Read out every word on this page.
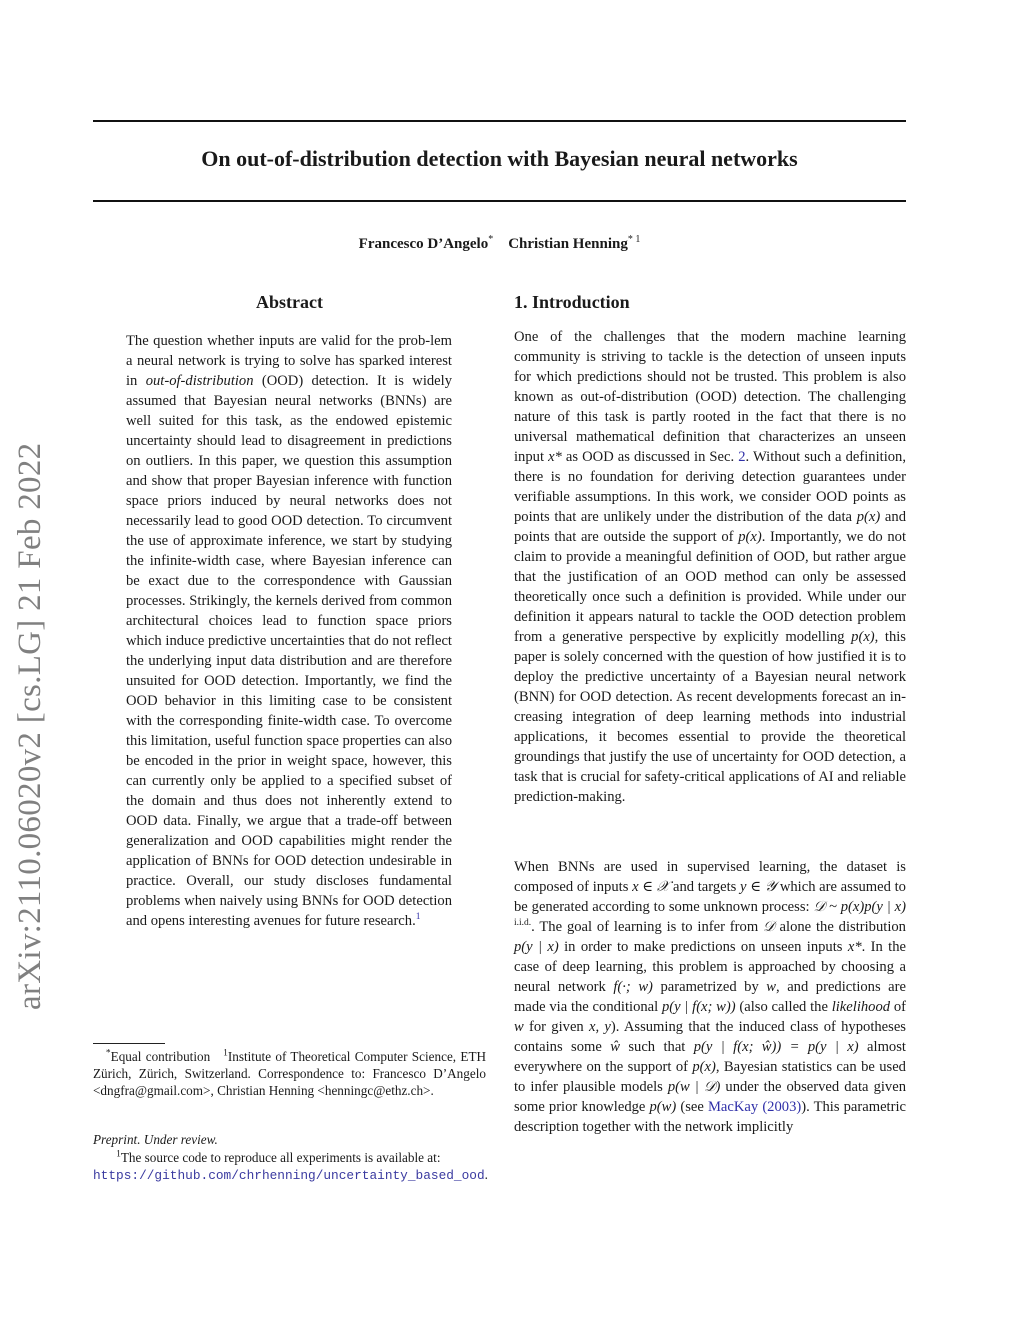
On out-of-distribution detection with Bayesian neural networks
Francesco D’Angelo* Christian Henning$^{* 1}$
arXiv:2110.06020v2 [cs.LG] 21 Feb 2022
Abstract
The question whether inputs are valid for the prob-lem a neural network is trying to solve has sparked interest in out-of-distribution (OOD) detection. It is widely assumed that Bayesian neural networks (BNNs) are well suited for this task, as the endowed epistemic uncertainty should lead to disagreement in predictions on outliers. In this paper, we question this assumption and show that proper Bayesian inference with function space priors induced by neural networks does not necessarily lead to good OOD detection. To circumvent the use of approximate inference, we start by studying the infinite-width case, where Bayesian inference can be exact due to the correspondence with Gaussian processes. Strikingly, the kernels derived from common architectural choices lead to function space priors which induce predictive uncertainties that do not reflect the underlying input data distribution and are therefore unsuited for OOD detection. Importantly, we find the OOD behavior in this limiting case to be consistent with the corresponding finite-width case. To overcome this limitation, useful function space properties can also be encoded in the prior in weight space, however, this can currently only be applied to a specified subset of the domain and thus does not inherently extend to OOD data. Finally, we argue that a trade-off between generalization and OOD capabilities might render the application of BNNs for OOD detection undesirable in practice. Overall, our study discloses fundamental problems when naively using BNNs for OOD detection and opens interesting avenues for future research.$^1$
1. Introduction

One of the challenges that the modern machine learning community is striving to tackle is the detection of unseen inputs for which predictions should not be trusted. This problem is also known as out-of-distribution (OOD) detection. The challenging nature of this task is partly rooted in the fact that there is no universal mathematical definition that characterizes an unseen input x* as OOD as discussed in Sec. 2. Without such a definition, there is no foundation for deriving detection guarantees under verifiable assumptions. In this work, we consider OOD points as points that are unlikely under the distribution of the data p(x) and points that are outside the support of p(x). Importantly, we do not claim to provide a meaningful definition of OOD, but rather argue that the justification of an OOD method can only be assessed theoretically once such a definition is provided. While under our definition it appears natural to tackle the OOD detection problem from a generative perspective by explicitly modelling p(x), this paper is solely concerned with the question of how justified it is to deploy the predictive uncertainty of a Bayesian neural network (BNN) for OOD detection. As recent developments forecast an increasing integration of deep learning methods into industrial applications, it becomes essential to provide the theoretical groundings that justify the use of uncertainty for OOD detection, a task that is crucial for safety-critical applications of AI and reliable prediction-making.

When BNNs are used in supervised learning, the dataset is composed of inputs x ∈ 𝒳 and targets y ∈ 𝒴 which are assumed to be generated according to some unknown process: 𝒟 ~ p(x)p(y | x) $^{i.i.d.}$. The goal of learning is to infer from 𝒟 alone the distribution p(y | x) in order to make predictions on unseen inputs x*. In the case of deep learning, this problem is approached by choosing a neural network f(·; w) parametrized by w, and predictions are made via the conditional p(y | f(x; w)) (also called the likelihood of w for given x, y). Assuming that the induced class of hypotheses contains some ŵ such that p(y | f(x; ŵ)) = p(y | x) almost everywhere on the support of p(x), Bayesian statistics can be used to infer plausible models p(w | 𝒟) under the observed data given some prior knowledge p(w) (see MacKay (2003)). This parametric description together with the network implicitly

*Equal contribution   $^1$Institute of Theoretical Computer Science, ETH Zürich, Zürich, Switzerland. Correspondence to: Francesco D’Angelo <dngfra@gmail.com>, Christian Henning <henningc@ethz.ch>.
Preprint. Under review.
$^1$The source code to reproduce all experiments is available at:
https://github.com/chrhenning/uncertainty_based_ood.
